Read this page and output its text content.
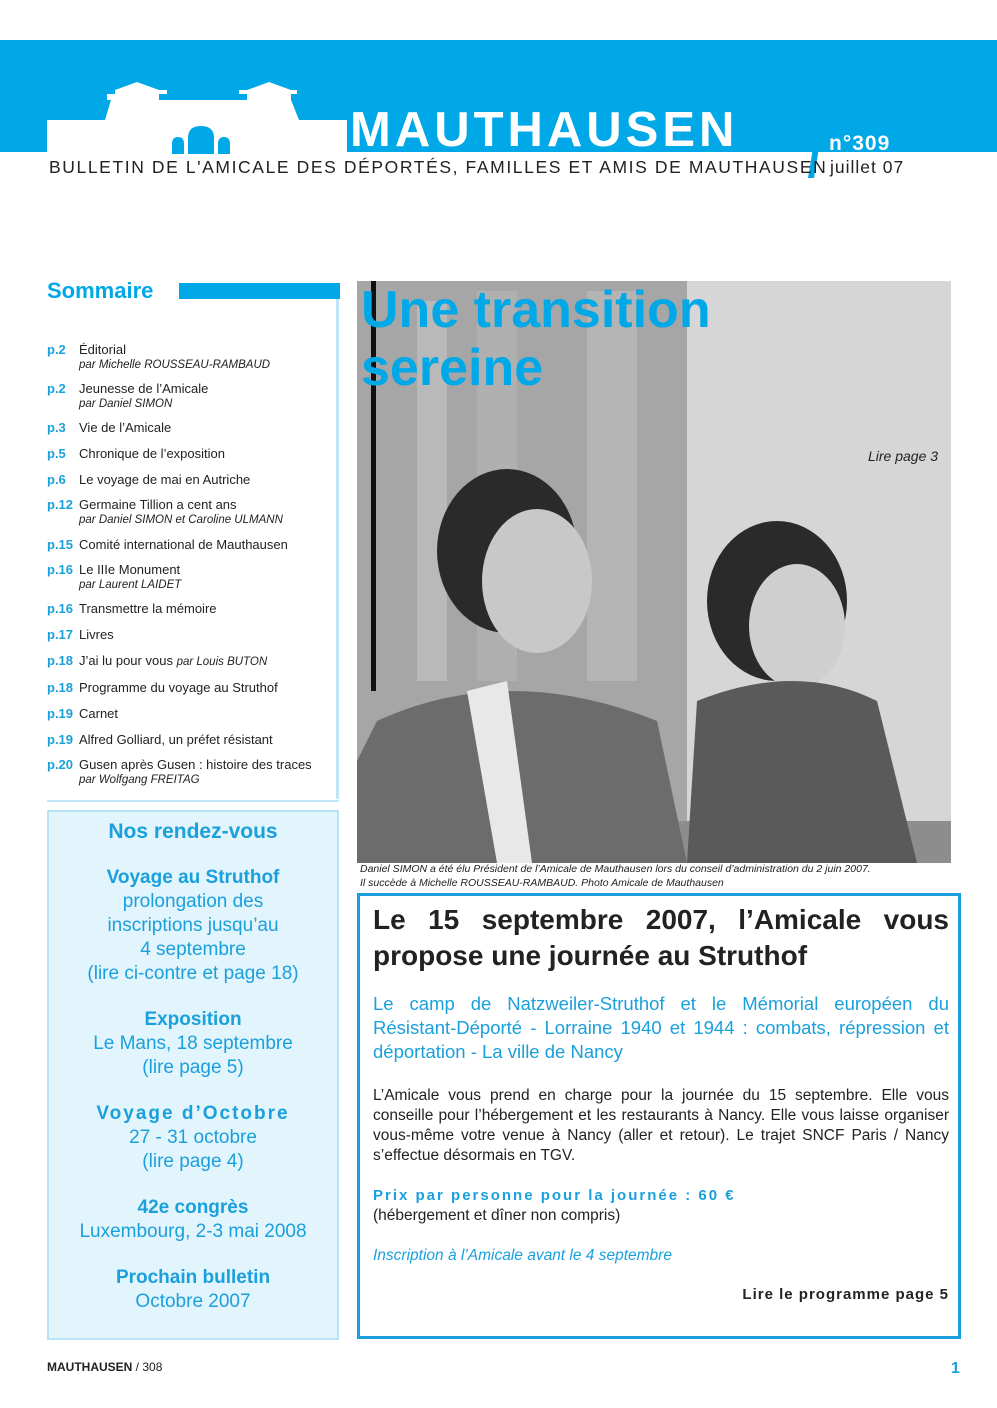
MAUTHAUSEN	n°309
BULLETIN DE L'AMICALE DES DÉPORTÉS, FAMILLES ET AMIS DE MAUTHAUSEN juillet 07
Sommaire
p.2	Éditorial
par Michelle ROUSSEAU-RAMBAUD
p.2	Jeunesse de l’Amicale
par Daniel SIMON
p.3	Vie de l’Amicale
p.5	Chronique de l’exposition
p.6	Le voyage de mai en Autriche
p.12 Germaine Tillion a cent ans
par Daniel SIMON et Caroline ULMANN
p.15 Comité international de Mauthausen
p.16 Le IIIe Monument
par Laurent LAIDET
p.16 Transmettre la mémoire
p.17 Livres
p.18 J’ai lu pour vous par Louis BUTON
p.18 Programme du voyage au Struthof
p.19 Carnet
p.19 Alfred Golliard, un préfet résistant
p.20 Gusen après Gusen : histoire des traces
par Wolfgang FREITAG
Nos rendez-vous
Voyage au Struthof
prolongation des
inscriptions jusqu’au
4 septembre
(lire ci-contre et page 18)
Exposition
Le Mans, 18 septembre
(lire page 5)
Voyage d’Octobre
27 - 31 octobre
(lire page 4)
42e congrès
Luxembourg, 2-3 mai 2008
Prochain bulletin
Octobre 2007
Une transition
sereine
Lire page 3
Daniel SIMON a été élu Président de l’Amicale de Mauthausen lors du conseil d’administration du 2 juin 2007.
Il succède à Michelle ROUSSEAU-RAMBAUD. Photo Amicale de Mauthausen
Le 15 septembre 2007, l’Amicale vous propose une journée au Struthof
Le camp de Natzweiler-Struthof et le Mémorial européen du Résistant-Déporté - Lorraine 1940 et 1944 : combats, répression et déportation - La ville de Nancy
L’Amicale vous prend en charge pour la journée du 15 septembre. Elle vous conseille pour l’hébergement et les restaurants à Nancy. Elle vous laisse organiser vous-même votre venue à Nancy (aller et retour). Le trajet SNCF Paris / Nancy s’effectue désormais en TGV.
Prix par personne pour la journée : 60 €
(hébergement et dîner non compris)
Inscription à l’Amicale avant le 4 septembre
Lire le programme page 5
MAUTHAUSEN / 308	1
